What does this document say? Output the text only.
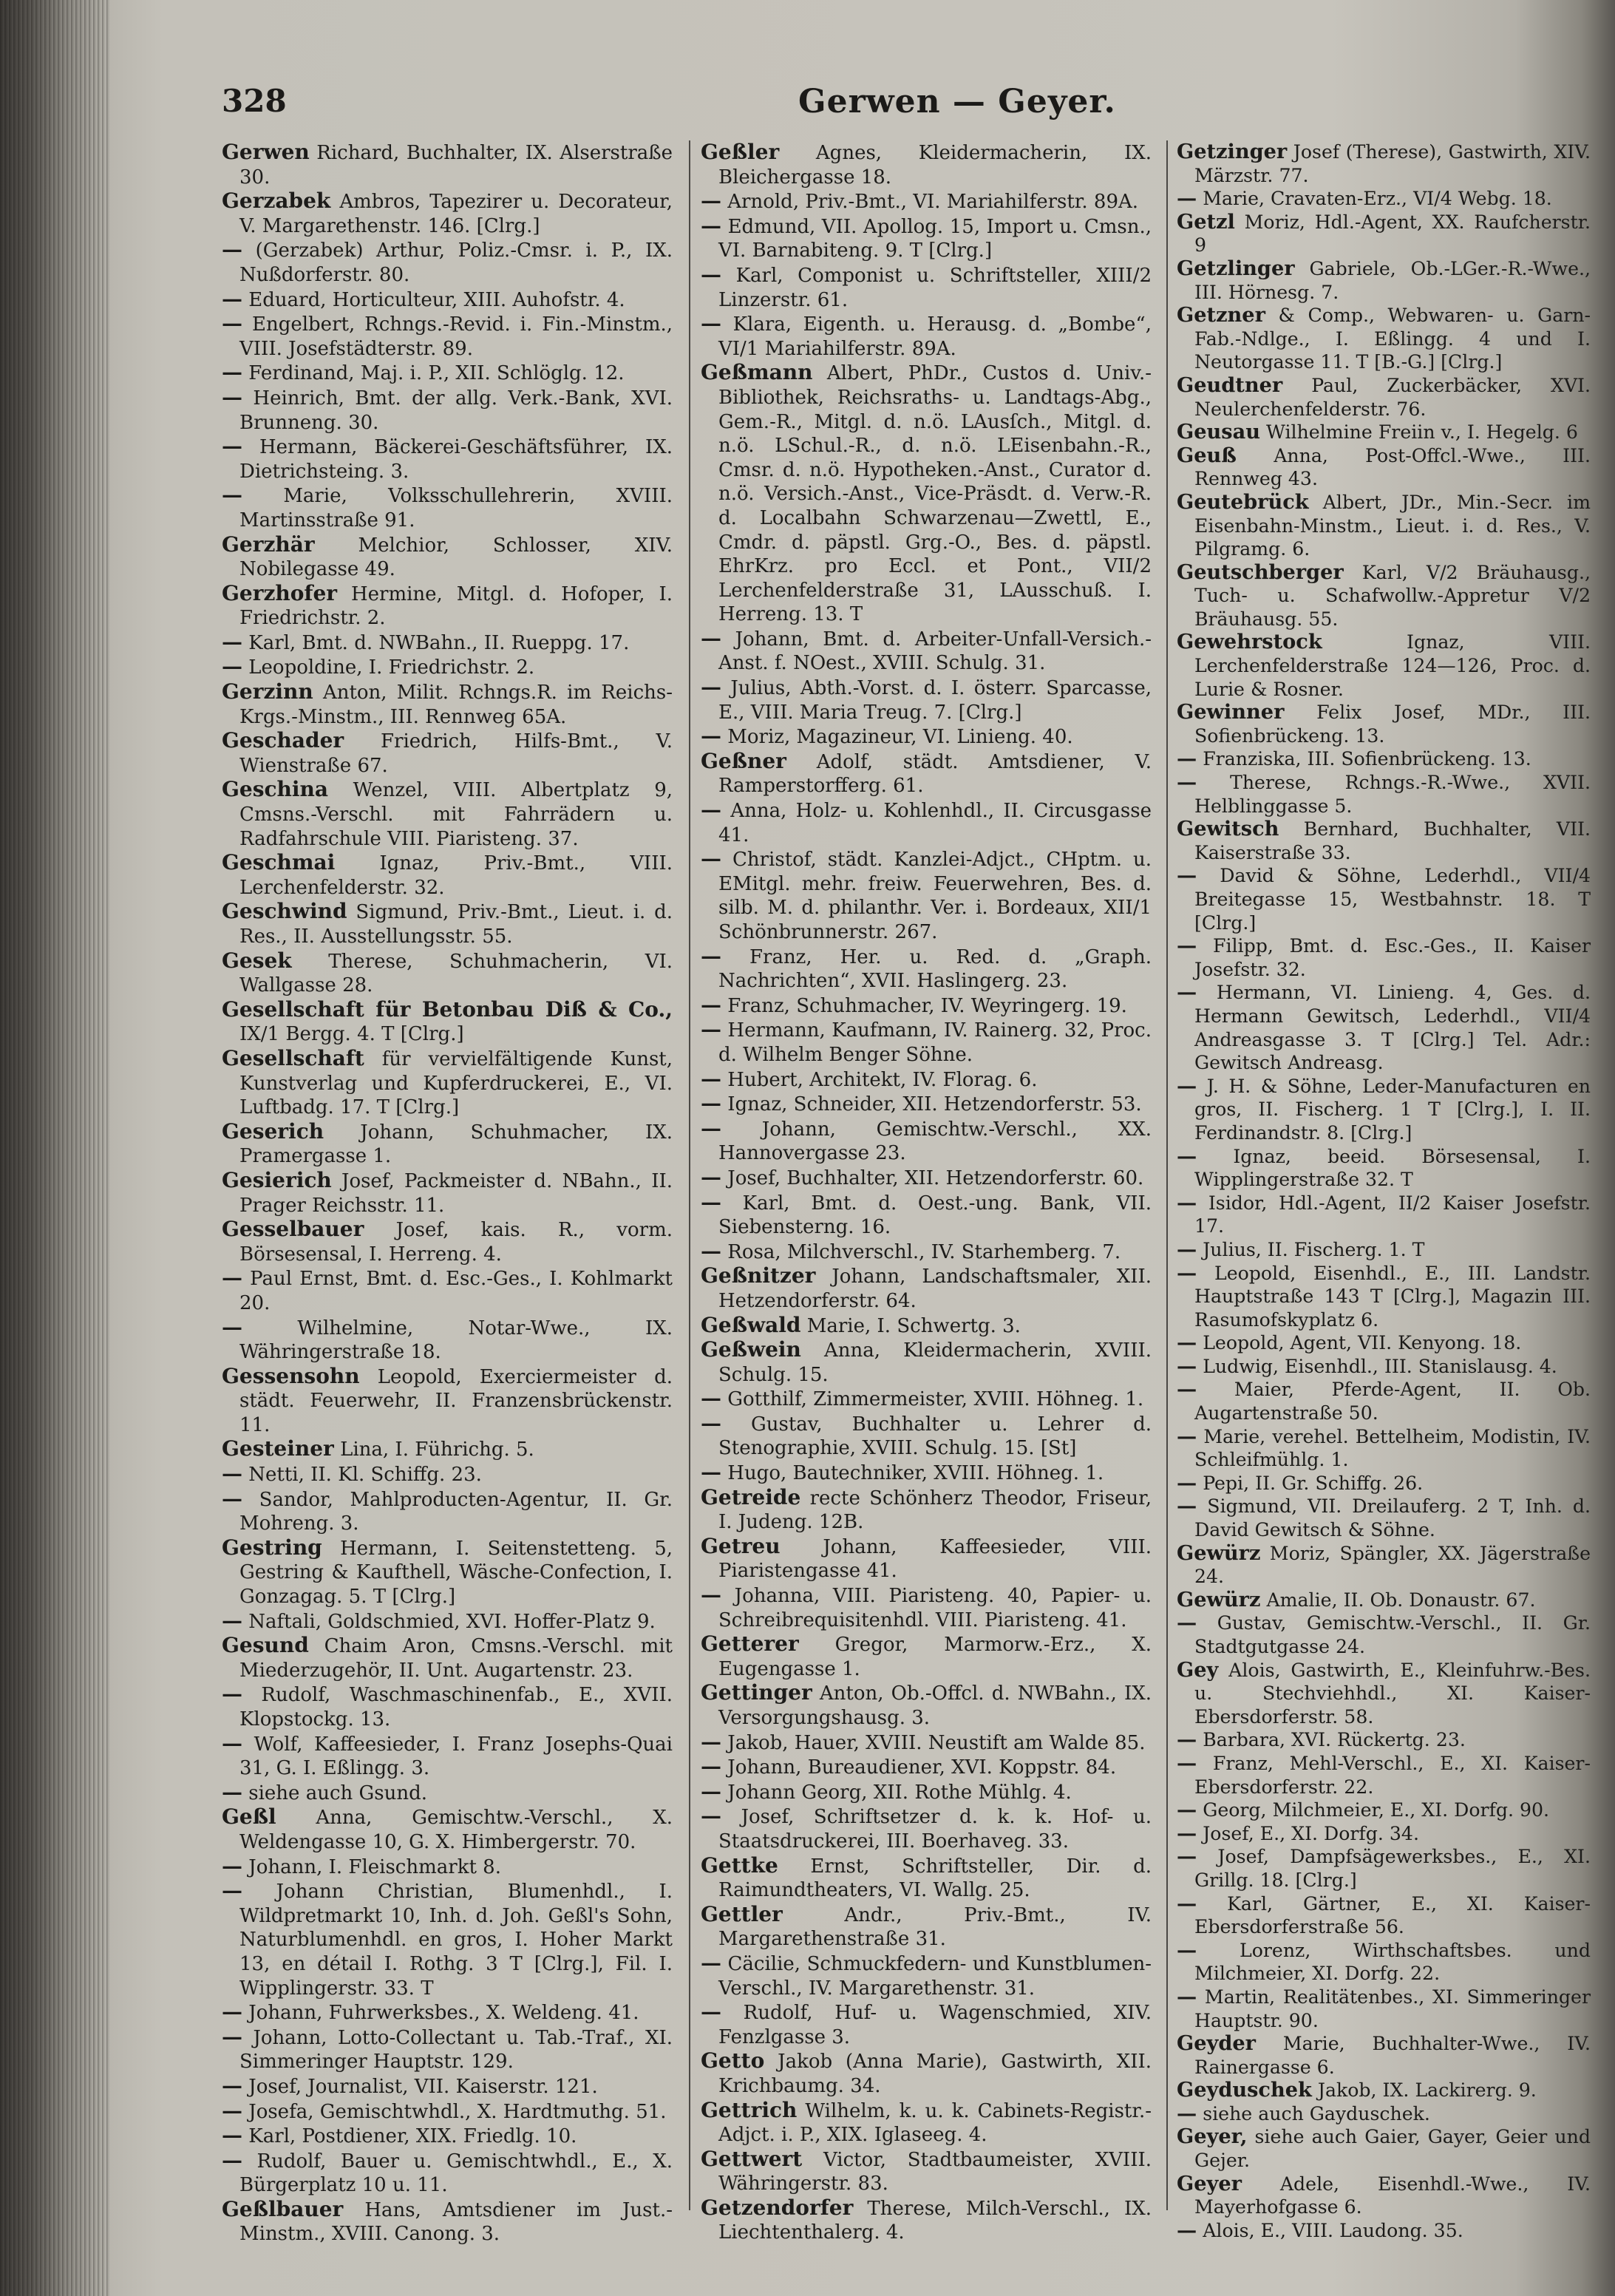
328	Gerwen — Geyer.

Gerwen Richard, Buchhalter, IX. Alserstraße 30.

Gerzabek Ambros, Tapezirer u. Decorateur, V. Margarethenstr. 146. [Clrg.]

— (Gerzabek) Arthur, Poliz.-Cmsr. i. P., IX. Nußdorferstr. 80.

— Eduard, Horticulteur, XIII. Auhofstr. 4.

— Engelbert, Rchngs.-Revid. i. Fin.-Minstm., VIII. Josefstädterstr. 89.

— Ferdinand, Maj. i. P., XII. Schlöglg. 12.

— Heinrich, Bmt. der allg. Verk.-Bank, XVI. Brunneng. 30.

— Hermann, Bäckerei-Geschäftsführer, IX. Dietrichsteing. 3.

— Marie, Volksschullehrerin, XVIII. Martinsstraße 91.

Gerzhär Melchior, Schlosser, XIV. Nobilegasse 49.

Gerzhofer Hermine, Mitgl. d. Hofoper, I. Friedrichstr. 2.

— Karl, Bmt. d. NWBahn., II. Rueppg. 17.

— Leopoldine, I. Friedrichstr. 2.

Gerzinn Anton, Milit. Rchngs.R. im Reichs-Krgs.-Minstm., III. Rennweg 65A.

Geschader Friedrich, Hilfs-Bmt., V. Wienstraße 67.

Geschina Wenzel, VIII. Albertplatz 9, Cmsns.-Verschl. mit Fahrrädern u. Radfahrschule VIII. Piaristeng. 37.

Geschmai Ignaz, Priv.-Bmt., VIII. Lerchenfelderstr. 32.

Geschwind Sigmund, Priv.-Bmt., Lieut. i. d. Res., II. Ausstellungsstr. 55.

Gesek Therese, Schuhmacherin, VI. Wallgasse 28.

Gesellschaft für Betonbau Diß & Co., IX/1 Bergg. 4. T [Clrg.]

Gesellschaft für vervielfältigende Kunst, Kunstverlag und Kupferdruckerei, E., VI. Luftbadg. 17. T [Clrg.]

Geserich Johann, Schuhmacher, IX. Pramergasse 1.

Gesierich Josef, Packmeister d. NBahn., II. Prager Reichsstr. 11.

Gesselbauer Josef, kais. R., vorm. Börsesensal, I. Herreng. 4.

— Paul Ernst, Bmt. d. Esc.-Ges., I. Kohlmarkt 20.

—	Wilhelmine, Notar-Wwe., IX. Währingerstraße 18.

Gessensohn Leopold, Exerciermeister d. städt. Feuerwehr, II. Franzensbrückenstr. 11.

Gesteiner Lina, I. Führichg. 5.

— Netti, II. Kl. Schiffg. 23.

— Sandor, Mahlproducten-Agentur, II. Gr. Mohreng. 3.

Gestring Hermann, I. Seitenstetteng. 5, Gestring & Kaufthell, Wäsche-Confection, I. Gonzagag. 5. T [Clrg.]

— Naftali, Goldschmied, XVI. Hoffer-Platz 9.

Gesund Chaim Aron, Cmsns.-Verschl. mit Miederzugehör, II. Unt. Augartenstr. 23.

— Rudolf, Waschmaschinenfab., E., XVII. Klopstockg. 13.

— Wolf, Kaffeesieder, I. Franz Josephs-Quai 31, G. I. Eßlingg. 3.

— siehe auch Gsund.

Geßl Anna, Gemischtw.-Verschl., X. Weldengasse 10, G. X. Himbergerstr. 70.

— Johann, I. Fleischmarkt 8.

— Johann Christian, Blumenhdl., I. Wildpretmarkt 10, Inh. d. Joh. Geßl's Sohn, Naturblumenhdl. en gros, I. Hoher Markt 13, en détail I. Rothg. 3 T [Clrg.], Fil. I. Wipplingerstr. 33. T

— Johann, Fuhrwerksbes., X. Weldeng. 41.

— Johann, Lotto-Collectant u. Tab.-Traf., XI. Simmeringer Hauptstr. 129.

— Josef, Journalist, VII. Kaiserstr. 121.

— Josefa, Gemischtwhdl., X. Hardtmuthg. 51.

— Karl, Postdiener, XIX. Friedlg. 10.

— Rudolf, Bauer u. Gemischtwhdl., E., X. Bürgerplatz 10 u. 11.

Geßlbauer Hans, Amtsdiener im Just.-Minstm., XVIII. Canong. 3.

Geßler Agnes, Kleidermacherin, IX. Bleichergasse 18.

— Arnold, Priv.-Bmt., VI. Mariahilferstr. 89A.

— Edmund, VII. Apollog. 15, Import u. Cmsn., VI. Barnabiteng. 9. T [Clrg.]

— Karl, Componist u. Schriftsteller, XIII/2 Linzerstr. 61.

— Klara, Eigenth. u. Herausg. d. „Bombe“, VI/1 Mariahilferstr. 89A.

Geßmann Albert, PhDr., Custos d. Univ.-Bibliothek, Reichsraths- u. Landtags-Abg., Gem.-R., Mitgl. d. n.ö. LAusſch., Mitgl. d. n.ö. LSchul.-R., d. n.ö. LEisenbahn.-R., Cmsr. d. n.ö. Hypotheken.-Anst., Curator d. n.ö. Versich.-Anst., Vice-Präsdt. d. Verw.-R. d. Localbahn Schwarzenau—Zwettl, E., Cmdr. d. päpstl. Grg.-O., Bes. d. päpstl. EhrKrz. pro Eccl. et Pont., VII/2 Lerchenfelderstraße 31, LAusschuß. I. Herreng. 13. T

— Johann, Bmt. d. Arbeiter-Unfall-Versich.-Anst. f. NOest., XVIII. Schulg. 31.

— Julius, Abth.-Vorst. d. I. österr. Sparcasse, E., VIII. Maria Treug. 7. [Clrg.]

— Moriz, Magazineur, VI. Linieng. 40.

Geßner Adolf, städt. Amtsdiener, V. Ramperstorfferg. 61.

— Anna, Holz- u. Kohlenhdl., II. Circusgasse 41.

— Christof, städt. Kanzlei-Adjct., CHptm. u. EMitgl. mehr. freiw. Feuerwehren, Bes. d. silb. M. d. philanthr. Ver. i. Bordeaux, XII/1 Schönbrunnerstr. 267.

— Franz, Her. u. Red. d. „Graph. Nachrichten“, XVII. Haslingerg. 23.

— Franz, Schuhmacher, IV. Weyringerg. 19.

— Hermann, Kaufmann, IV. Rainerg. 32, Proc. d. Wilhelm Benger Söhne.

— Hubert, Architekt, IV. Florag. 6.

— Ignaz, Schneider, XII. Hetzendorferstr. 53.

— Johann, Gemischtw.-Verschl., XX. Hannovergasse 23.

— Josef, Buchhalter, XII. Hetzendorferstr. 60.

— Karl, Bmt. d. Oest.-ung. Bank, VII. Siebensterng. 16.

— Rosa, Milchverschl., IV. Starhemberg. 7.

Geßnitzer Johann, Landschaftsmaler, XII. Hetzendorferstr. 64.

Geßwald Marie, I. Schwertg. 3.

Geßwein Anna, Kleidermacherin, XVIII. Schulg. 15.

— Gotthilf, Zimmermeister, XVIII. Höhneg. 1.

— Gustav, Buchhalter u. Lehrer d. Stenographie, XVIII. Schulg. 15. [St]

— Hugo, Bautechniker, XVIII. Höhneg. 1.

Getreide recte Schönherz Theodor, Friseur, I. Judeng. 12B.

Getreu Johann, Kaffeesieder, VIII. Piaristengasse 41.

— Johanna, VIII. Piaristeng. 40, Papier- u. Schreibrequisitenhdl. VIII. Piaristeng. 41.

Getterer Gregor, Marmorw.-Erz., X. Eugengasse 1.

Gettinger Anton, Ob.-Offcl. d. NWBahn., IX. Versorgungshausg. 3.

— Jakob, Hauer, XVIII. Neustift am Walde 85.

— Johann, Bureaudiener, XVI. Koppstr. 84.

— Johann Georg, XII. Rothe Mühlg. 4.

— Josef, Schriftsetzer d. k. k. Hof- u. Staatsdruckerei, III. Boerhaveg. 33.

Gettke Ernst, Schriftsteller, Dir. d. Raimundtheaters, VI. Wallg. 25.

Gettler	Andr., Priv.-Bmt., IV. Margarethenstraße 31.

— Cäcilie, Schmuckfedern- und Kunstblumen-Verschl., IV. Margarethenstr. 31.

— Rudolf, Huf- u. Wagenschmied, XIV. Fenzlgasse 3.

Getto Jakob (Anna Marie), Gastwirth, XII. Krichbaumg. 34.

Gettrich Wilhelm, k. u. k. Cabinets-Registr.-Adjct. i. P., XIX. Iglaseeg. 4.

Gettwert Victor, Stadtbaumeister, XVIII. Währingerstr. 83.

Getzendorfer Therese, Milch-Verschl., IX. Liechtenthalerg. 4.

Getzinger Josef (Therese), Gastwirth, XIV. Märzstr. 77.

— Marie, Cravaten-Erz., VI/4 Webg. 18.

Getzl Moriz, Hdl.-Agent, XX. Raufcherstr. 9

Getzlinger Gabriele, Ob.-LGer.-R.-Wwe., III. Hörnesg. 7.

Getzner & Comp., Webwaren- u. Garn-Fab.-Ndlge., I. Eßlingg. 4 und I. Neutorgasse 11. T [B.-G.] [Clrg.]

Geudtner Paul, Zuckerbäcker, XVI. Neulerchenfelderstr. 76.

Geusau Wilhelmine Freiin v., I. Hegelg. 6

Geuß Anna, Post-Offcl.-Wwe., III. Rennweg 43.

Geutebrück Albert, JDr., Min.-Secr. im Eisenbahn-Minstm., Lieut. i. d. Res., V. Pilgramg. 6.

Geutschberger Karl, V/2 Bräuhausg., Tuch- u. Schafwollw.-Appretur V/2 Bräuhausg. 55.

Gewehrstock	Ignaz, VIII. Lerchenfelderstraße 124—126, Proc. d. Lurie & Rosner.

Gewinner Felix Josef, MDr., III. Sofienbrückeng. 13.

— Franziska, III. Sofienbrückeng. 13.

— Therese, Rchngs.-R.-Wwe., XVII. Helblinggasse 5.

Gewitsch Bernhard, Buchhalter, VII. Kaiserstraße 33.

— David & Söhne, Lederhdl., VII/4 Breitegasse 15, Westbahnstr. 18. T [Clrg.]

— Filipp, Bmt. d. Esc.-Ges., II. Kaiser Josefstr. 32.

— Hermann, VI. Linieng. 4, Ges. d. Hermann Gewitsch, Lederhdl., VII/4 Andreasgasse 3. T [Clrg.] Tel. Adr.: Gewitsch Andreasg.

— J. H. & Söhne, Leder-Manufacturen en gros, II. Fischerg. 1 T [Clrg.], I. II. Ferdinandstr. 8. [Clrg.]

— Ignaz, beeid. Börsesensal, I. Wipplingerstraße 32. T

— Isidor, Hdl.-Agent, II/2 Kaiser Josefstr. 17.

— Julius, II. Fischerg. 1. T

— Leopold, Eisenhdl., E., III. Landstr. Hauptstraße 143 T [Clrg.], Magazin III. Rasumofskyplatz 6.

— Leopold, Agent, VII. Kenyong. 18.

— Ludwig, Eisenhdl., III. Stanislausg. 4.

— Maier, Pferde-Agent, II. Ob. Augartenstraße 50.

— Marie, verehel. Bettelheim, Modistin, IV. Schleifmühlg. 1.

— Pepi, II. Gr. Schiffg. 26.

— Sigmund, VII. Dreilauferg. 2 T, Inh. d. David Gewitsch & Söhne.

Gewürz Moriz, Spängler, XX. Jägerstraße 24.

Gewürz Amalie, II. Ob. Donaustr. 67.

— Gustav, Gemischtw.-Verschl., II. Gr. Stadtgutgasse 24.

Gey Alois, Gastwirth, E., Kleinfuhrw.-Bes. u. Stechviehhdl., XI. Kaiser-Ebersdorferstr. 58.

— Barbara, XVI. Rückertg. 23.

— Franz, Mehl-Verschl., E., XI. Kaiser-Ebersdorferstr. 22.

— Georg, Milchmeier, E., XI. Dorfg. 90.

— Josef, E., XI. Dorfg. 34.

— Josef, Dampfsägewerksbes., E., XI. Grillg. 18. [Clrg.]

— Karl, Gärtner, E., XI. Kaiser-Ebersdorferstraße 56.

— Lorenz, Wirthschaftsbes. und Milchmeier, XI. Dorfg. 22.

— Martin, Realitätenbes., XI. Simmeringer Hauptstr. 90.

Geyder Marie, Buchhalter-Wwe., IV. Rainergasse 6.

Geyduschek Jakob, IX. Lackirerg. 9.

— siehe auch Gayduschek.

Geyer, siehe auch Gaier, Gayer, Geier und Gejer.

Geyer Adele, Eisenhdl.-Wwe., IV. Mayerhofgasse 6.

— Alois, E., VIII. Laudong. 35.
